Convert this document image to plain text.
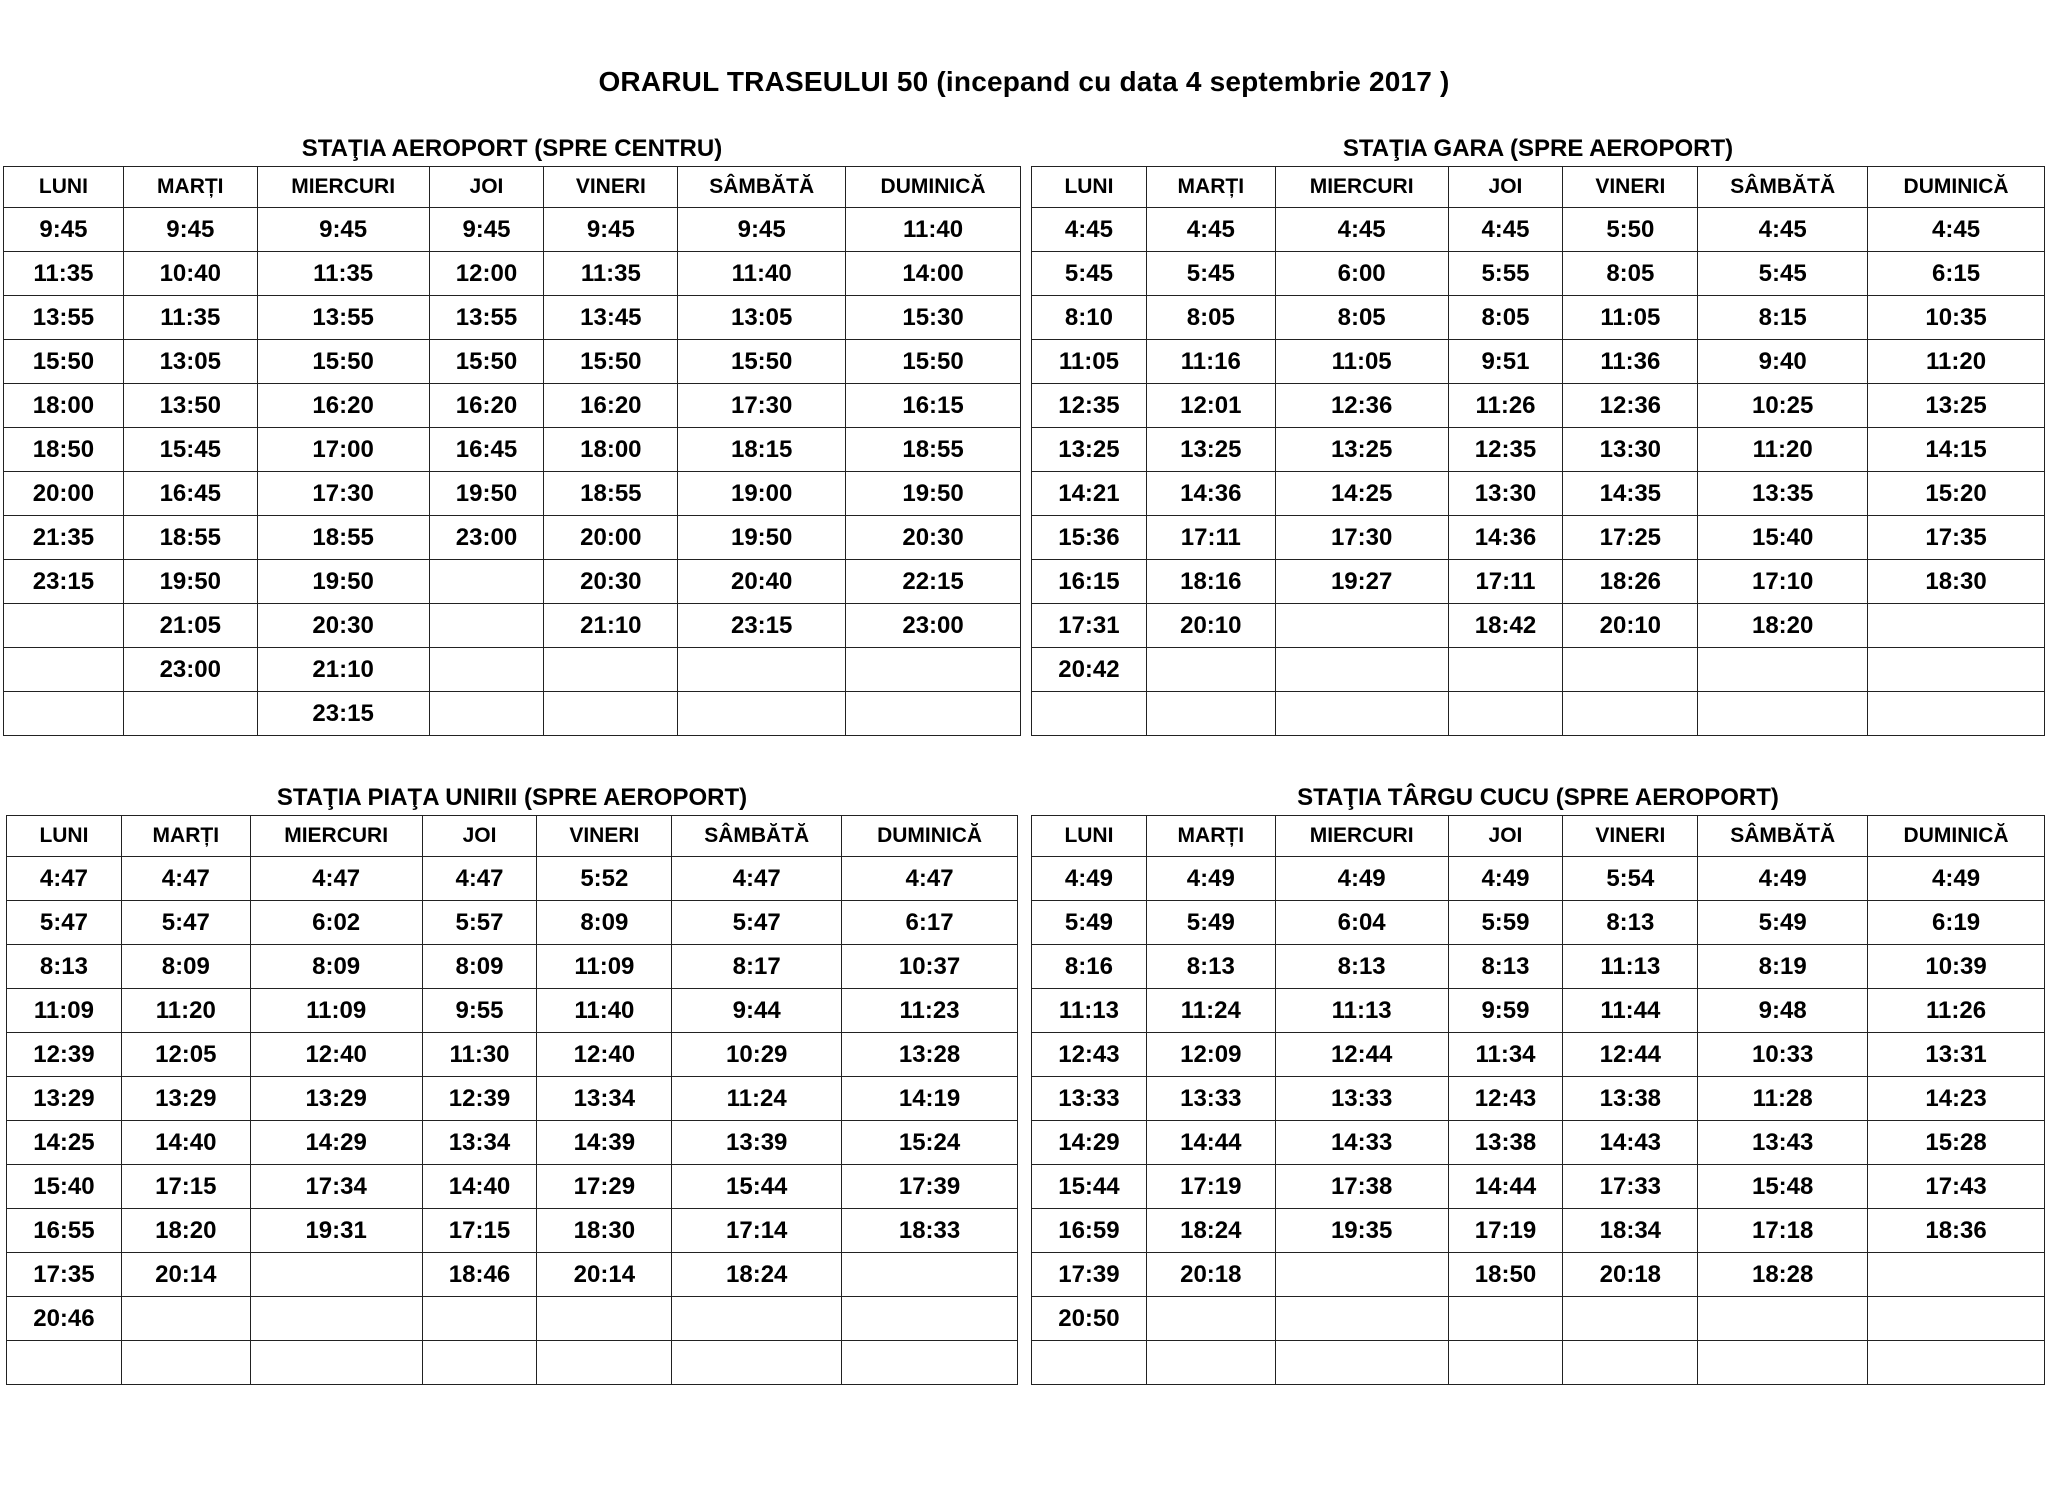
ORARUL TRASEULUI 50 (incepand cu data 4 septembrie 2017 )
STAŢIA AEROPORT (SPRE CENTRU)
LUNI	MARȚI	MIERCURI	JOI	VINERI	SÂMBĂTĂ	DUMINICĂ
9:45	9:45	9:45	9:45	9:45	9:45	11:40
11:35	10:40	11:35	12:00	11:35	11:40	14:00
13:55	11:35	13:55	13:55	13:45	13:05	15:30
15:50	13:05	15:50	15:50	15:50	15:50	15:50
18:00	13:50	16:20	16:20	16:20	17:30	16:15
18:50	15:45	17:00	16:45	18:00	18:15	18:55
20:00	16:45	17:30	19:50	18:55	19:00	19:50
21:35	18:55	18:55	23:00	20:00	19:50	20:30
23:15	19:50	19:50		20:30	20:40	22:15
	21:05	20:30		21:10	23:15	23:00
	23:00	21:10				
		23:15				
STAŢIA GARA (SPRE AEROPORT)
LUNI	MARȚI	MIERCURI	JOI	VINERI	SÂMBĂTĂ	DUMINICĂ
4:45	4:45	4:45	4:45	5:50	4:45	4:45
5:45	5:45	6:00	5:55	8:05	5:45	6:15
8:10	8:05	8:05	8:05	11:05	8:15	10:35
11:05	11:16	11:05	9:51	11:36	9:40	11:20
12:35	12:01	12:36	11:26	12:36	10:25	13:25
13:25	13:25	13:25	12:35	13:30	11:20	14:15
14:21	14:36	14:25	13:30	14:35	13:35	15:20
15:36	17:11	17:30	14:36	17:25	15:40	17:35
16:15	18:16	19:27	17:11	18:26	17:10	18:30
17:31	20:10		18:42	20:10	18:20	
20:42						

STAŢIA PIAŢA UNIRII (SPRE AEROPORT)
LUNI	MARȚI	MIERCURI	JOI	VINERI	SÂMBĂTĂ	DUMINICĂ
4:47	4:47	4:47	4:47	5:52	4:47	4:47
5:47	5:47	6:02	5:57	8:09	5:47	6:17
8:13	8:09	8:09	8:09	11:09	8:17	10:37
11:09	11:20	11:09	9:55	11:40	9:44	11:23
12:39	12:05	12:40	11:30	12:40	10:29	13:28
13:29	13:29	13:29	12:39	13:34	11:24	14:19
14:25	14:40	14:29	13:34	14:39	13:39	15:24
15:40	17:15	17:34	14:40	17:29	15:44	17:39
16:55	18:20	19:31	17:15	18:30	17:14	18:33
17:35	20:14		18:46	20:14	18:24	
20:46						

STAŢIA TÂRGU CUCU (SPRE AEROPORT)
LUNI	MARȚI	MIERCURI	JOI	VINERI	SÂMBĂTĂ	DUMINICĂ
4:49	4:49	4:49	4:49	5:54	4:49	4:49
5:49	5:49	6:04	5:59	8:13	5:49	6:19
8:16	8:13	8:13	8:13	11:13	8:19	10:39
11:13	11:24	11:13	9:59	11:44	9:48	11:26
12:43	12:09	12:44	11:34	12:44	10:33	13:31
13:33	13:33	13:33	12:43	13:38	11:28	14:23
14:29	14:44	14:33	13:38	14:43	13:43	15:28
15:44	17:19	17:38	14:44	17:33	15:48	17:43
16:59	18:24	19:35	17:19	18:34	17:18	18:36
17:39	20:18		18:50	20:18	18:28	
20:50						
